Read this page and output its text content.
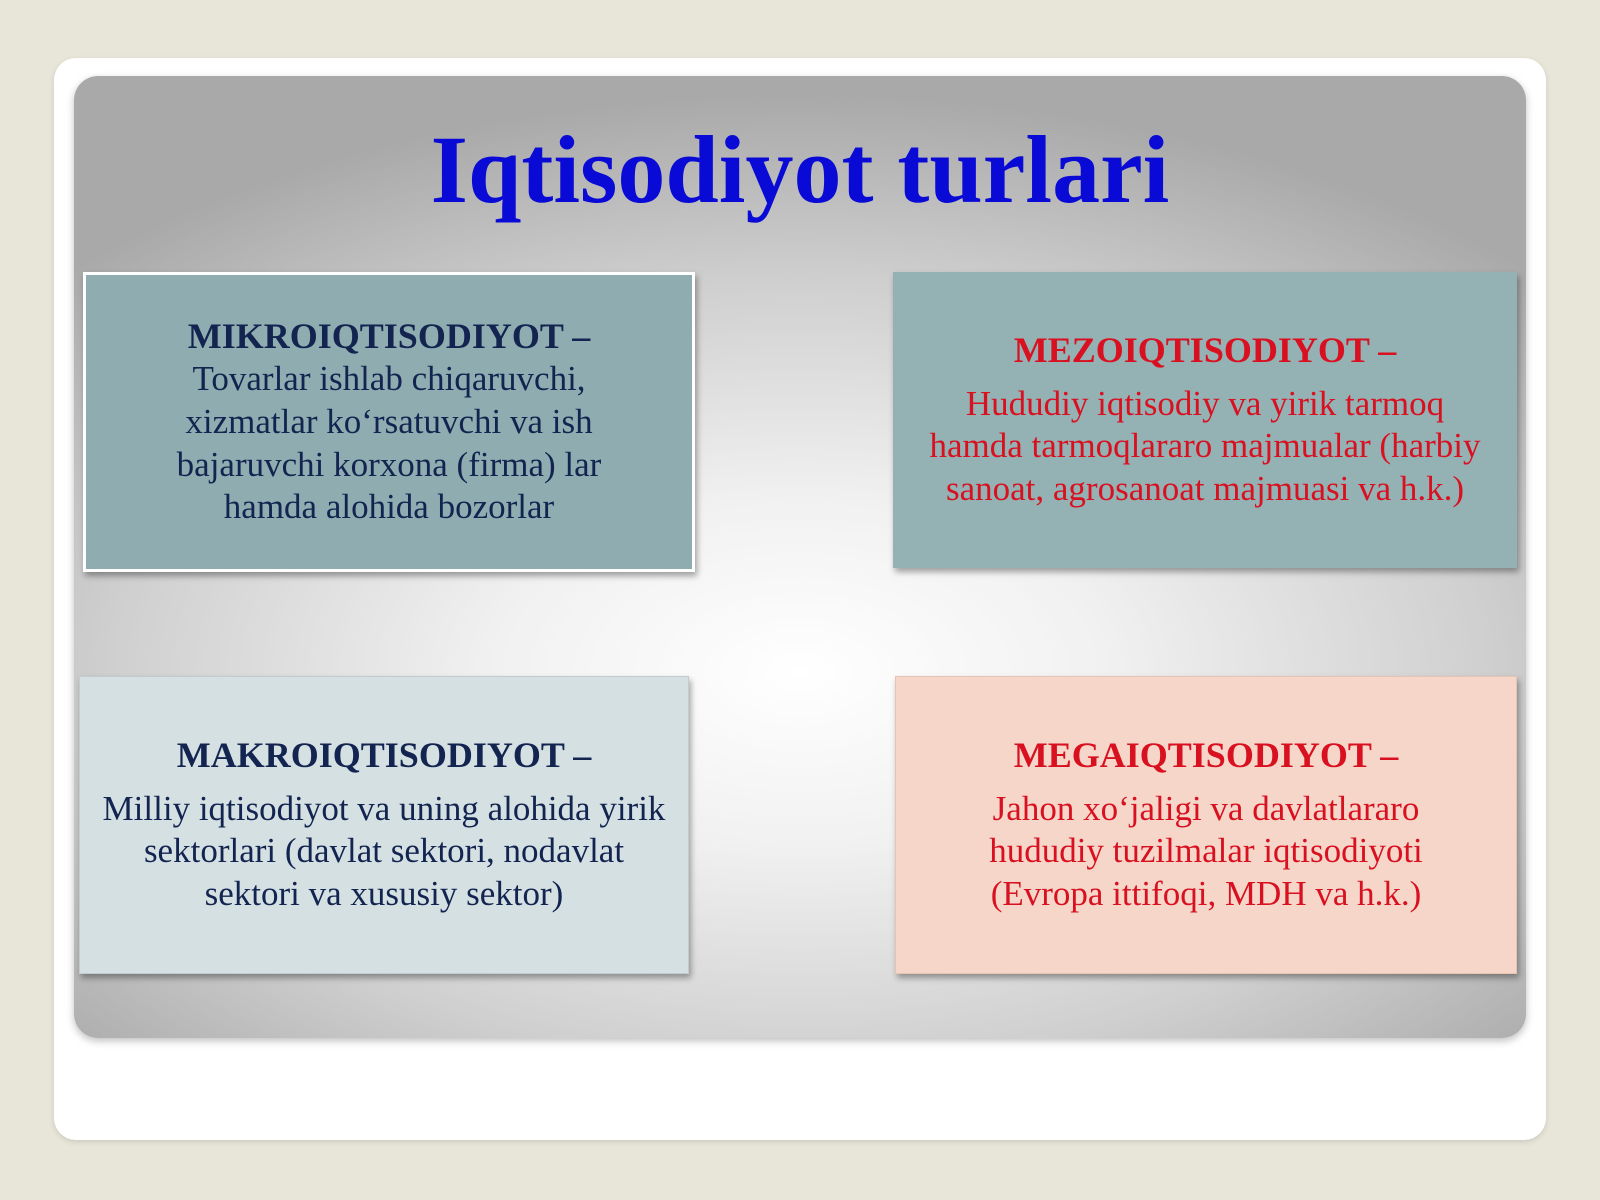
Iqtisodiyot turlari
MIKROIQTISODIYOT –
Tovarlar ishlab chiqaruvchi, xizmatlar ko‘rsatuvchi va ish bajaruvchi korxona (firma) lar hamda alohida bozorlar
MEZOIQTISODIYOT –
Hududiy iqtisodiy va yirik tarmoq hamda tarmoqlararo majmualar (harbiy sanoat, agrosanoat majmuasi va h.k.)
MAKROIQTISODIYOT –
Milliy iqtisodiyot va uning alohida yirik sektorlari (davlat sektori, nodavlat sektori va xususiy sektor)
MEGAIQTISODIYOT –
Jahon xo‘jaligi va davlatlararo hududiy tuzilmalar iqtisodiyoti (Evropa ittifoqi, MDH va h.k.)
